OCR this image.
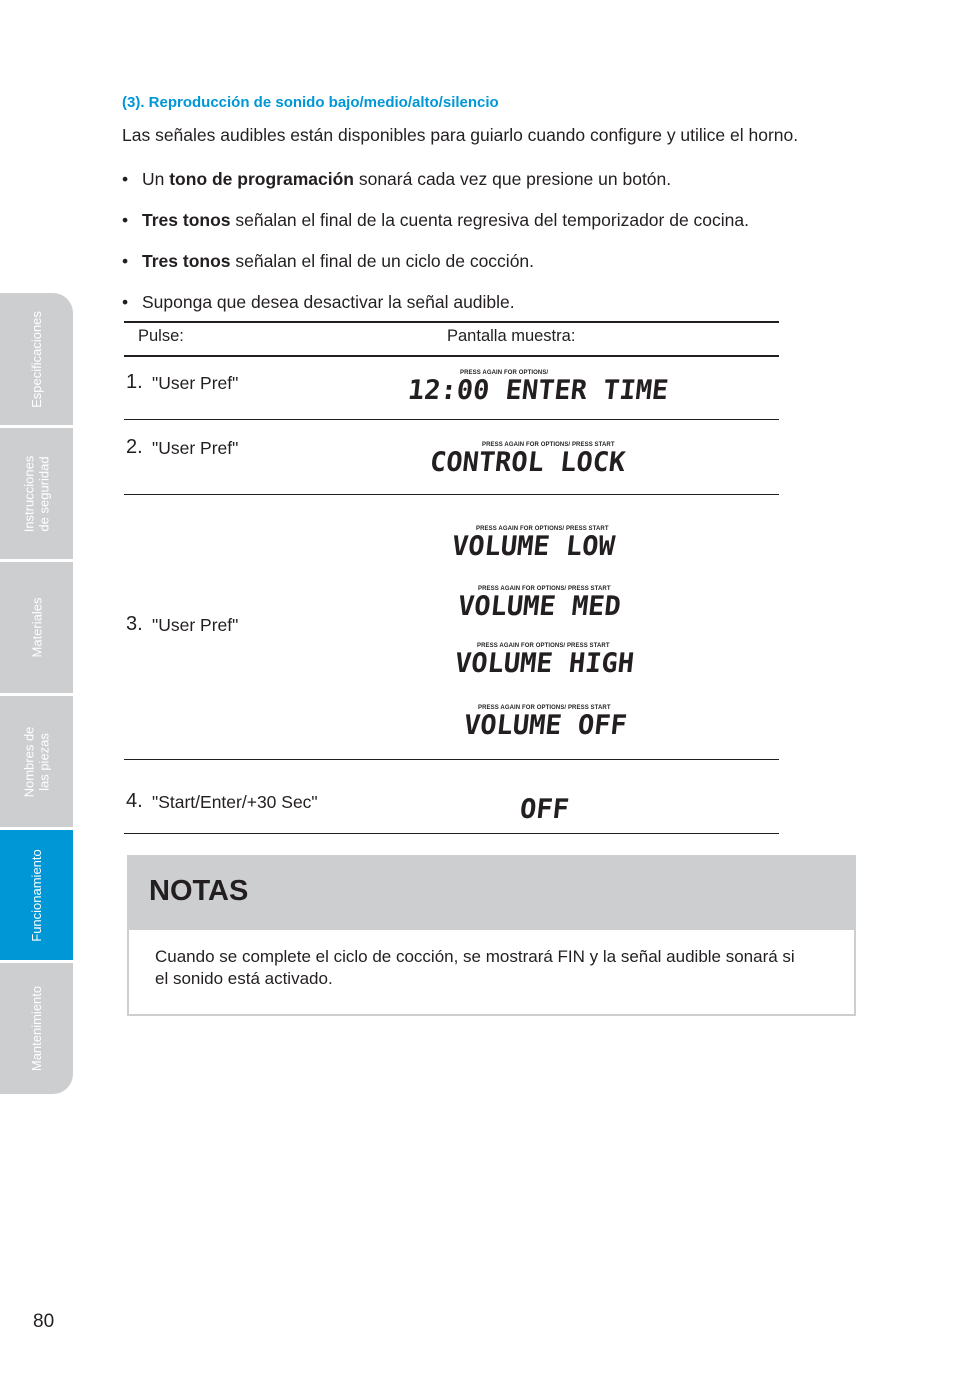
(3). Reproducción de sonido bajo/medio/alto/silencio
Las señales audibles están disponibles para guiarlo cuando configure y utilice el horno.
• Un tono de programación sonará cada vez que presione un botón.
• Tres tonos señalan el final de la cuenta regresiva del temporizador de cocina.
• Tres tonos señalan el final de un ciclo de cocción.
• Suponga que desea desactivar la señal audible.
Pulse:	Pantalla muestra:
1. "User Pref"	PRESS AGAIN FOR OPTIONS/
12:00 ENTER TIME
2. "User Pref"	PRESS AGAIN FOR OPTIONS/ PRESS START
CONTROL LOCK
3. "User Pref"
PRESS AGAIN FOR OPTIONS/ PRESS START
VOLUME LOW
PRESS AGAIN FOR OPTIONS/ PRESS START
VOLUME MED
PRESS AGAIN FOR OPTIONS/ PRESS START
VOLUME HIGH
PRESS AGAIN FOR OPTIONS/ PRESS START
VOLUME OFF
4. "Start/Enter/+30 Sec"	OFF
NOTAS
Cuando se complete el ciclo de cocción, se mostrará FIN y la señal audible sonará si el sonido está activado.
Especificaciones
Instrucciones
de seguridad
Materiales
Nombres de
las piezas
Funcionamiento
Mantenimiento
80
